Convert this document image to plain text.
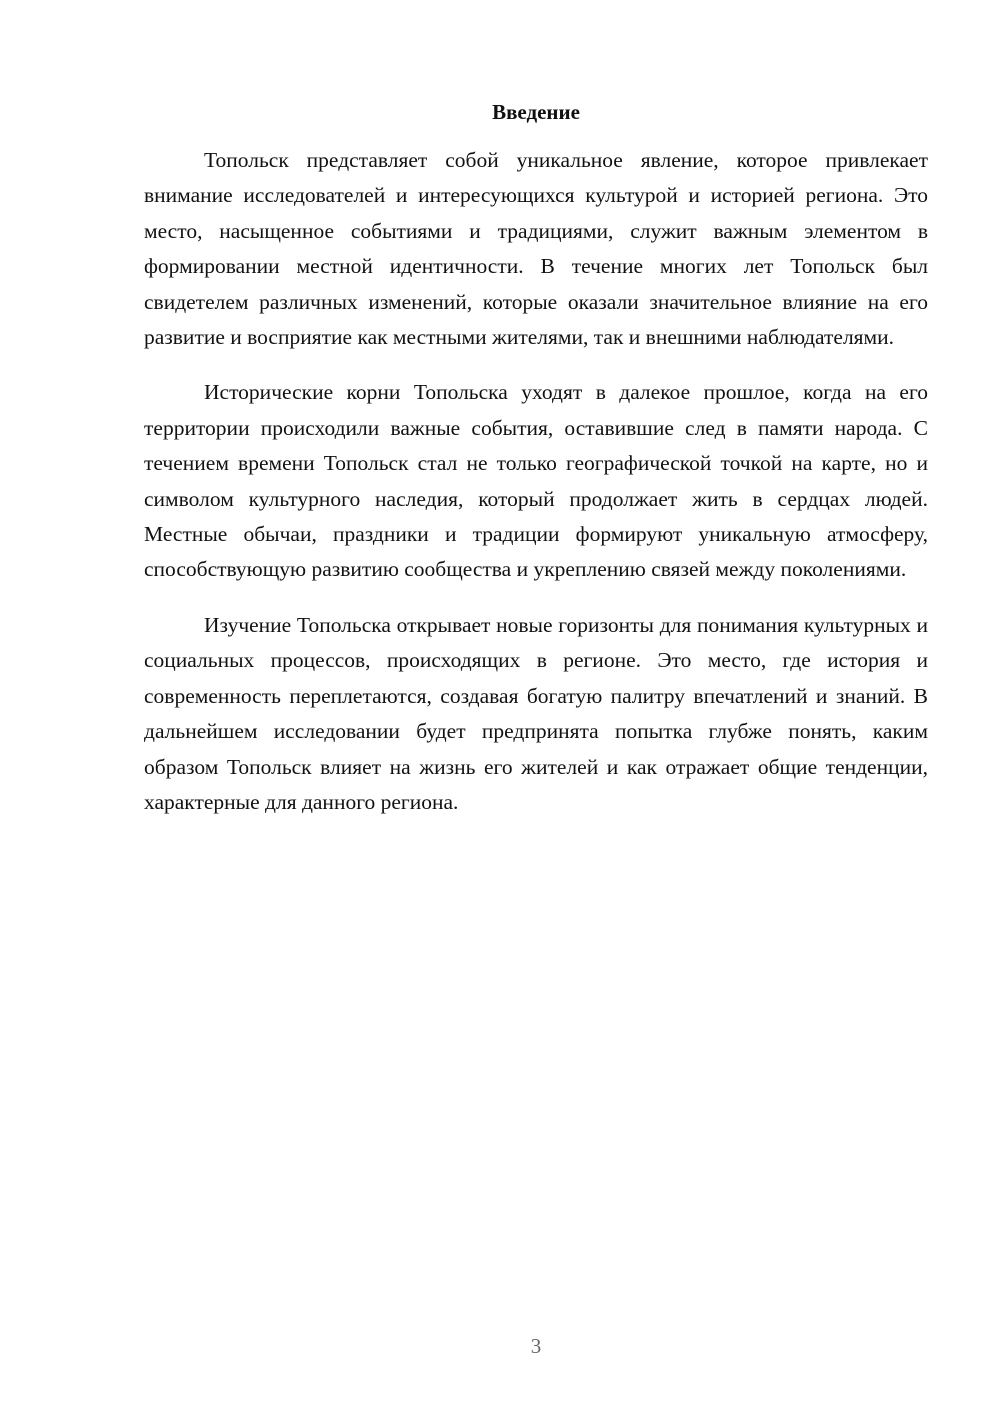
Введение

Топольск представляет собой уникальное явление, которое привлекает внимание исследователей и интересующихся культурой и историей региона. Это место, насыщенное событиями и традициями, служит важным элементом в формировании местной идентичности. В течение многих лет Топольск был свидетелем различных изменений, которые оказали значительное влияние на его развитие и восприятие как местными жителями, так и внешними наблюдателями.

Исторические корни Топольска уходят в далекое прошлое, когда на его территории происходили важные события, оставившие след в памяти народа. С течением времени Топольск стал не только географической точкой на карте, но и символом культурного наследия, который продолжает жить в сердцах людей. Местные обычаи, праздники и традиции формируют уникальную атмосферу, способствующую развитию сообщества и укреплению связей между поколениями.

Изучение Топольска открывает новые горизонты для понимания культурных и социальных процессов, происходящих в регионе. Это место, где история и современность переплетаются, создавая богатую палитру впечатлений и знаний. В дальнейшем исследовании будет предпринята попытка глубже понять, каким образом Топольск влияет на жизнь его жителей и как отражает общие тенденции, характерные для данного региона.

3
